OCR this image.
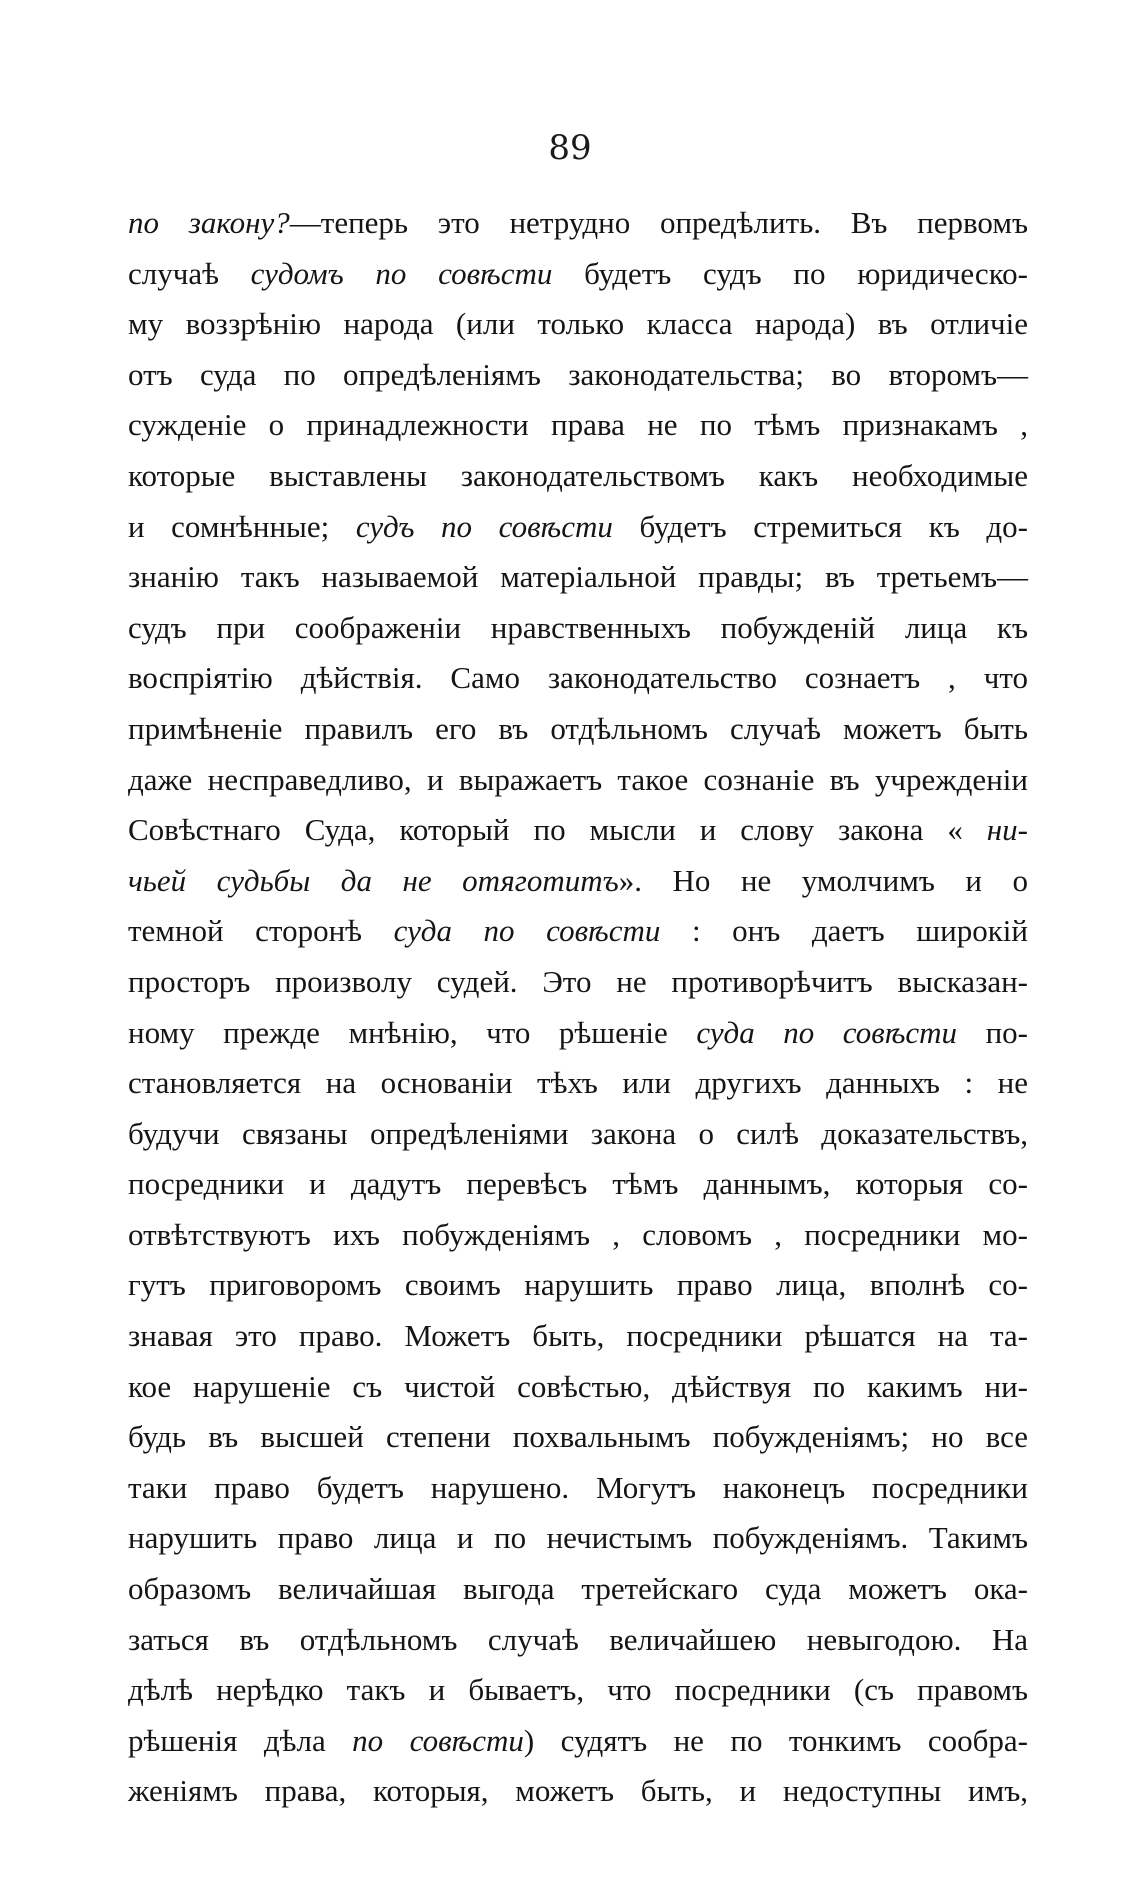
89
по закону?—теперь это нетрудно опредѣлить. Въ первомъ
случаѣ судомъ по совѣсти будетъ судъ по юридическо-
му воззрѣнію народа (или только класса народа) въ отличіе
отъ суда по опредѣленіямъ законодательства; во второмъ—
сужденіе о принадлежности права не по тѣмъ признакамъ ,
которые выставлены законодательствомъ какъ необходимые
и сомнѣнные; судъ по совѣсти будетъ стремиться къ до-
знанію такъ называемой матеріальной правды; въ третьемъ—
судъ при соображеніи нравственныхъ побужденій лица къ
воспріятію дѣйствія. Само законодательство сознаетъ , что
примѣненіе правилъ его въ отдѣльномъ случаѣ можетъ быть
даже несправедливо, и выражаетъ такое сознаніе въ учрежденіи
Совѣстнаго Суда, который по мысли и слову закона « ни-
чьей судьбы да не отяготитъ». Но не умолчимъ и о
темной сторонѣ суда по совѣсти : онъ даетъ широкій
просторъ произволу судей. Это не противорѣчитъ высказан-
ному прежде мнѣнію, что рѣшеніе суда по совѣсти по-
становляется на основаніи тѣхъ или другихъ данныхъ : не
будучи связаны опредѣленіями закона о силѣ доказательствъ,
посредники и дадутъ перевѣсъ тѣмъ даннымъ, которыя со-
отвѣтствуютъ ихъ побужденіямъ , словомъ , посредники мо-
гутъ приговоромъ своимъ нарушить право лица, вполнѣ со-
знавая это право. Можетъ быть, посредники рѣшатся на та-
кое нарушеніе съ чистой совѣстью, дѣйствуя по какимъ ни-
будь въ высшей степени похвальнымъ побужденіямъ; но все
таки право будетъ нарушено. Могутъ наконецъ посредники
нарушить право лица и по нечистымъ побужденіямъ. Такимъ
образомъ величайшая выгода третейскаго суда можетъ ока-
заться въ отдѣльномъ случаѣ величайшею невыгодою. На
дѣлѣ нерѣдко такъ и бываетъ, что посредники (съ правомъ
рѣшенія дѣла по совѣсти) судятъ не по тонкимъ сообра-
женіямъ права, которыя, можетъ быть, и недоступны имъ,
